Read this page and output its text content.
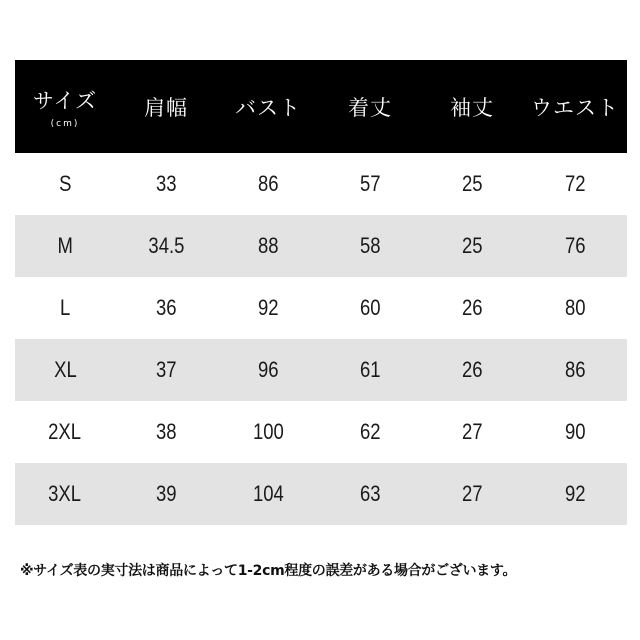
サイズ
(cm)	肩幅	バスト	着丈	袖丈	ウエスト
S	33	86	57	25	72
M	34.5	88	58	25	76
L	36	92	60	26	80
XL	37	96	61	26	86
2XL	38	100	62	27	90
3XL	39	104	63	27	92
※サイズ表の実寸法は商品によって1-2cm程度の誤差がある場合がございます。
